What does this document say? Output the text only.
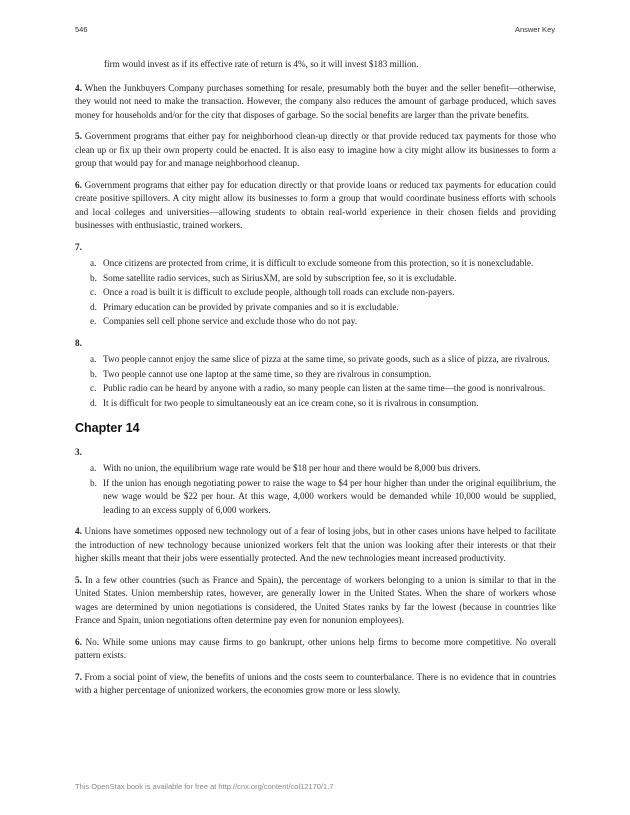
546	Answer Key

firm would invest as if its effective rate of return is 4%, so it will invest $183 million.

4. When the Junkbuyers Company purchases something for resale, presumably both the buyer and the seller benefit—otherwise, they would not need to make the transaction. However, the company also reduces the amount of garbage produced, which saves money for households and/or for the city that disposes of garbage. So the social benefits are larger than the private benefits.

5. Government programs that either pay for neighborhood clean-up directly or that provide reduced tax payments for those who clean up or fix up their own property could be enacted. It is also easy to imagine how a city might allow its businesses to form a group that would pay for and manage neighborhood cleanup.

6. Government programs that either pay for education directly or that provide loans or reduced tax payments for education could create positive spillovers. A city might allow its businesses to form a group that would coordinate business efforts with schools and local colleges and universities—allowing students to obtain real-world experience in their chosen fields and providing businesses with enthusiastic, trained workers.

7.

a. Once citizens are protected from crime, it is difficult to exclude someone from this protection, so it is nonexcludable.
b. Some satellite radio services, such as SiriusXM, are sold by subscription fee, so it is excludable.
c. Once a road is built it is difficult to exclude people, although toll roads can exclude non-payers.
d. Primary education can be provided by private companies and so it is excludable.
e. Companies sell cell phone service and exclude those who do not pay.

8.

a. Two people cannot enjoy the same slice of pizza at the same time, so private goods, such as a slice of pizza, are rivalrous.
b. Two people cannot use one laptop at the same time, so they are rivalrous in consumption.
c. Public radio can be heard by anyone with a radio, so many people can listen at the same time—the good is nonrivalrous.
d. It is difficult for two people to simultaneously eat an ice cream cone, so it is rivalrous in consumption.
Chapter 14

3.

a. With no union, the equilibrium wage rate would be $18 per hour and there would be 8,000 bus drivers.
b. If the union has enough negotiating power to raise the wage to $4 per hour higher than under the original equilibrium, the new wage would be $22 per hour. At this wage, 4,000 workers would be demanded while 10,000 would be supplied, leading to an excess supply of 6,000 workers.

4. Unions have sometimes opposed new technology out of a fear of losing jobs, but in other cases unions have helped to facilitate the introduction of new technology because unionized workers felt that the union was looking after their interests or that their higher skills meant that their jobs were essentially protected. And the new technologies meant increased productivity.

5. In a few other countries (such as France and Spain), the percentage of workers belonging to a union is similar to that in the United States. Union membership rates, however, are generally lower in the United States. When the share of workers whose wages are determined by union negotiations is considered, the United States ranks by far the lowest (because in countries like France and Spain, union negotiations often determine pay even for nonunion employees).

6. No. While some unions may cause firms to go bankrupt, other unions help firms to become more competitive. No overall pattern exists.

7. From a social point of view, the benefits of unions and the costs seem to counterbalance. There is no evidence that in countries with a higher percentage of unionized workers, the economies grow more or less slowly.

This OpenStax book is available for free at http://cnx.org/content/col12170/1.7
